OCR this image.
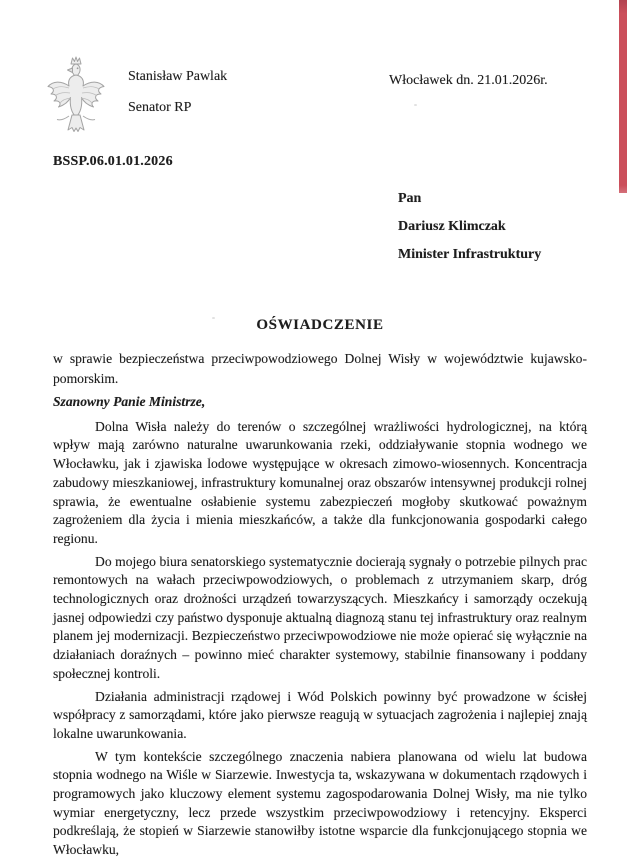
Stanisław Pawlak
Senator RP
Włocławek dn. 21.01.2026r.
BSSP.06.01.01.2026
Pan
Dariusz Klimczak
Minister Infrastruktury
OŚWIADCZENIE
w sprawie bezpieczeństwa przeciwpowodziowego Dolnej Wisły w województwie kujawsko-pomorskim.

Szanowny Panie Ministrze,

Dolna Wisła należy do terenów o szczególnej wrażliwości hydrologicznej, na którą wpływ mają zarówno naturalne uwarunkowania rzeki, oddziaływanie stopnia wodnego we Włocławku, jak i zjawiska lodowe występujące w okresach zimowo-wiosennych. Koncentracja zabudowy mieszkaniowej, infrastruktury komunalnej oraz obszarów intensywnej produkcji rolnej sprawia, że ewentualne osłabienie systemu zabezpieczeń mogłoby skutkować poważnym zagrożeniem dla życia i mienia mieszkańców, a także dla funkcjonowania gospodarki całego regionu.

Do mojego biura senatorskiego systematycznie docierają sygnały o potrzebie pilnych prac remontowych na wałach przeciwpowodziowych, o problemach z utrzymaniem skarp, dróg technologicznych oraz drożności urządzeń towarzyszących. Mieszkańcy i samorządy oczekują jasnej odpowiedzi czy państwo dysponuje aktualną diagnozą stanu tej infrastruktury oraz realnym planem jej modernizacji. Bezpieczeństwo przeciwpowodziowe nie może opierać się wyłącznie na działaniach doraźnych – powinno mieć charakter systemowy, stabilnie finansowany i poddany społecznej kontroli.

Działania administracji rządowej i Wód Polskich powinny być prowadzone w ścisłej współpracy z samorządami, które jako pierwsze reagują w sytuacjach zagrożenia i najlepiej znają lokalne uwarunkowania.

W tym kontekście szczególnego znaczenia nabiera planowana od wielu lat budowa stopnia wodnego na Wiśle w Siarzewie. Inwestycja ta, wskazywana w dokumentach rządowych i programowych jako kluczowy element systemu zagospodarowania Dolnej Wisły, ma nie tylko wymiar energetyczny, lecz przede wszystkim przeciwpowodziowy i retencyjny. Eksperci podkreślają, że stopień w Siarzewie stanowiłby istotne wsparcie dla funkcjonującego stopnia we Włocławku,
